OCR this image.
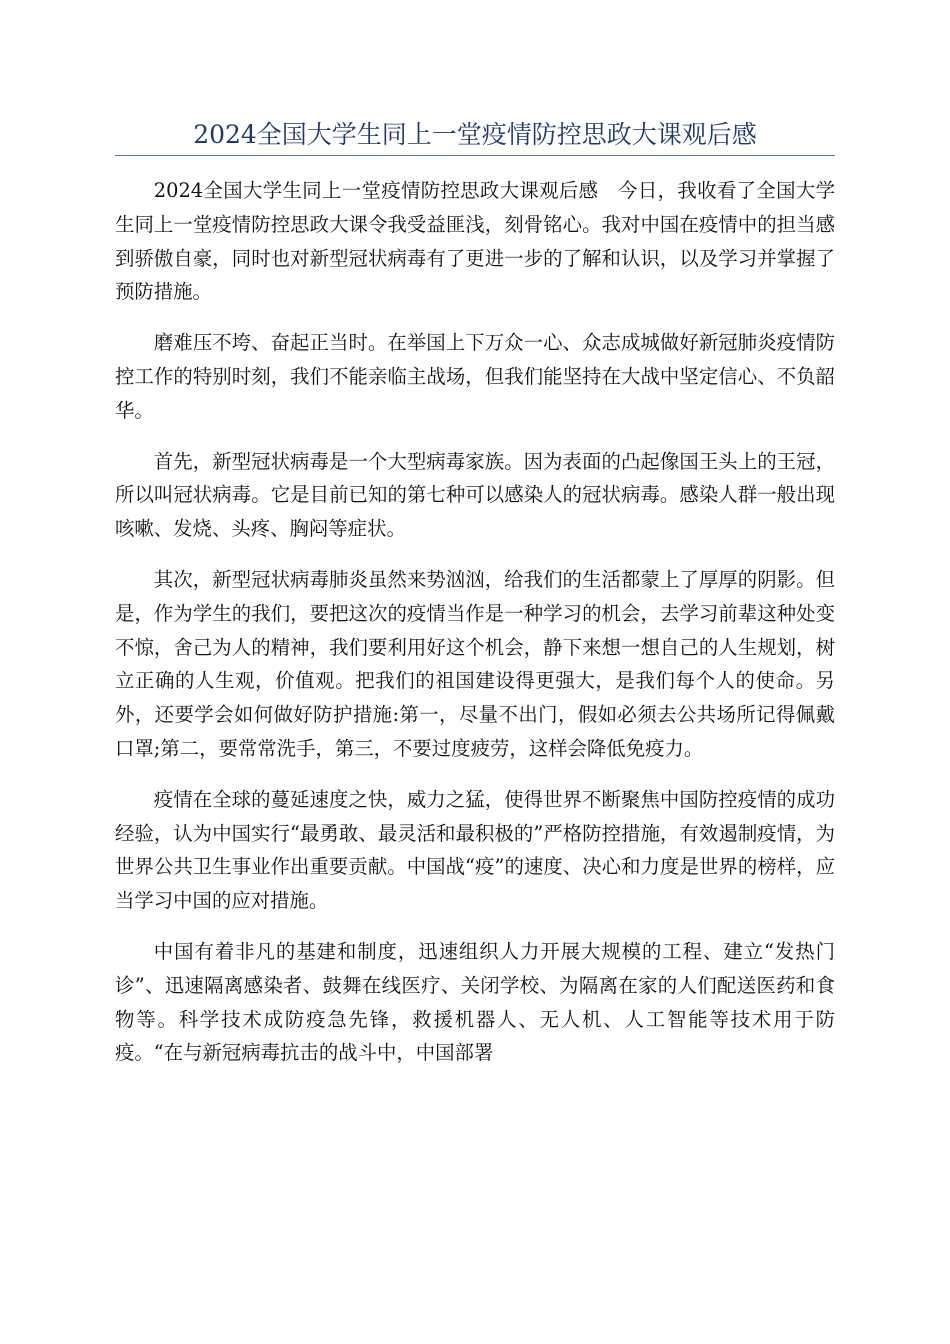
2024全国大学生同上一堂疫情防控思政大课观后感

2024全国大学生同上一堂疫情防控思政大课观后感　今日，我收看了全国大学生同上一堂疫情防控思政大课令我受益匪浅，刻骨铭心。我对中国在疫情中的担当感到骄傲自豪，同时也对新型冠状病毒有了更进一步的了解和认识，以及学习并掌握了预防措施。

磨难压不垮、奋起正当时。在举国上下万众一心、众志成城做好新冠肺炎疫情防控工作的特别时刻，我们不能亲临主战场，但我们能坚持在大战中坚定信心、不负韶华。

首先，新型冠状病毒是一个大型病毒家族。因为表面的凸起像国王头上的王冠，所以叫冠状病毒。它是目前已知的第七种可以感染人的冠状病毒。感染人群一般出现咳嗽、发烧、头疼、胸闷等症状。

其次，新型冠状病毒肺炎虽然来势汹汹，给我们的生活都蒙上了厚厚的阴影。但是，作为学生的我们，要把这次的疫情当作是一种学习的机会，去学习前辈这种处变不惊，舍己为人的精神，我们要利用好这个机会，静下来想一想自己的人生规划，树立正确的人生观，价值观。把我们的祖国建设得更强大，是我们每个人的使命。另外，还要学会如何做好防护措施:第一，尽量不出门，假如必须去公共场所记得佩戴口罩;第二，要常常洗手，第三，不要过度疲劳，这样会降低免疫力。

疫情在全球的蔓延速度之快，威力之猛，使得世界不断聚焦中国防控疫情的成功经验，认为中国实行“最勇敢、最灵活和最积极的”严格防控措施，有效遏制疫情，为世界公共卫生事业作出重要贡献。中国战“疫”的速度、决心和力度是世界的榜样，应当学习中国的应对措施。

中国有着非凡的基建和制度，迅速组织人力开展大规模的工程、建立“发热门诊”、迅速隔离感染者、鼓舞在线医疗、关闭学校、为隔离在家的人们配送医药和食物等。科学技术成防疫急先锋，救援机器人、无人机、人工智能等技术用于防疫。“在与新冠病毒抗击的战斗中，中国部署
